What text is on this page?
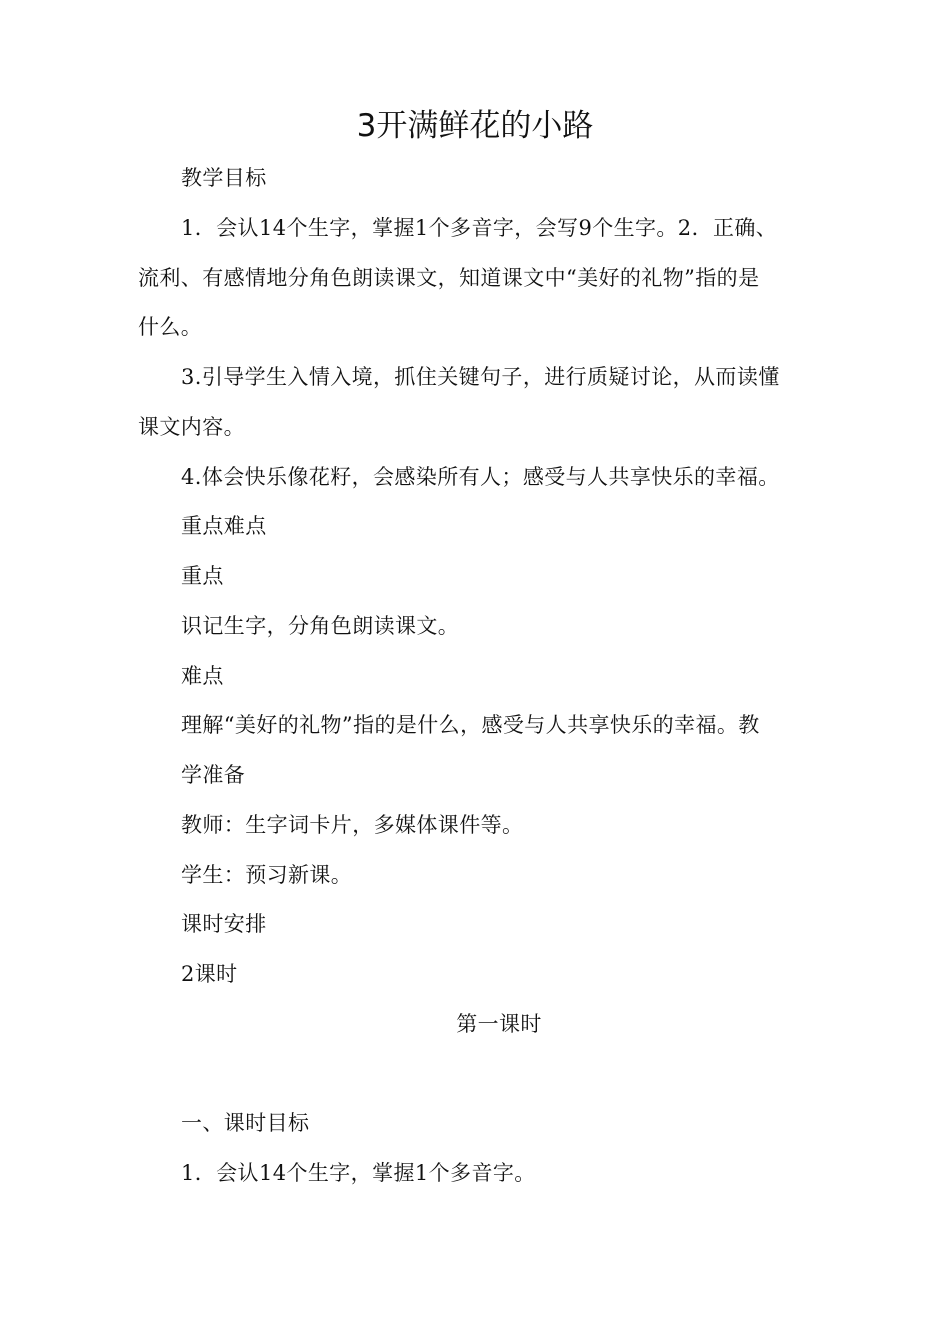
3开满鲜花的小路
教学目标
1．会认14个生字，掌握1个多音字，会写9个生字。2．正确、
流利、有感情地分角色朗读课文，知道课文中“美好的礼物”指的是
什么。
3.引导学生入情入境，抓住关键句子，进行质疑讨论，从而读懂
课文内容。
4.体会快乐像花籽，会感染所有人；感受与人共享快乐的幸福。
重点难点
重点
识记生字，分角色朗读课文。
难点
理解“美好的礼物”指的是什么，感受与人共享快乐的幸福。教
学准备
教师：生字词卡片，多媒体课件等。
学生：预习新课。
课时安排
2课时
第一课时
一、课时目标
1．会认14个生字，掌握1个多音字。
